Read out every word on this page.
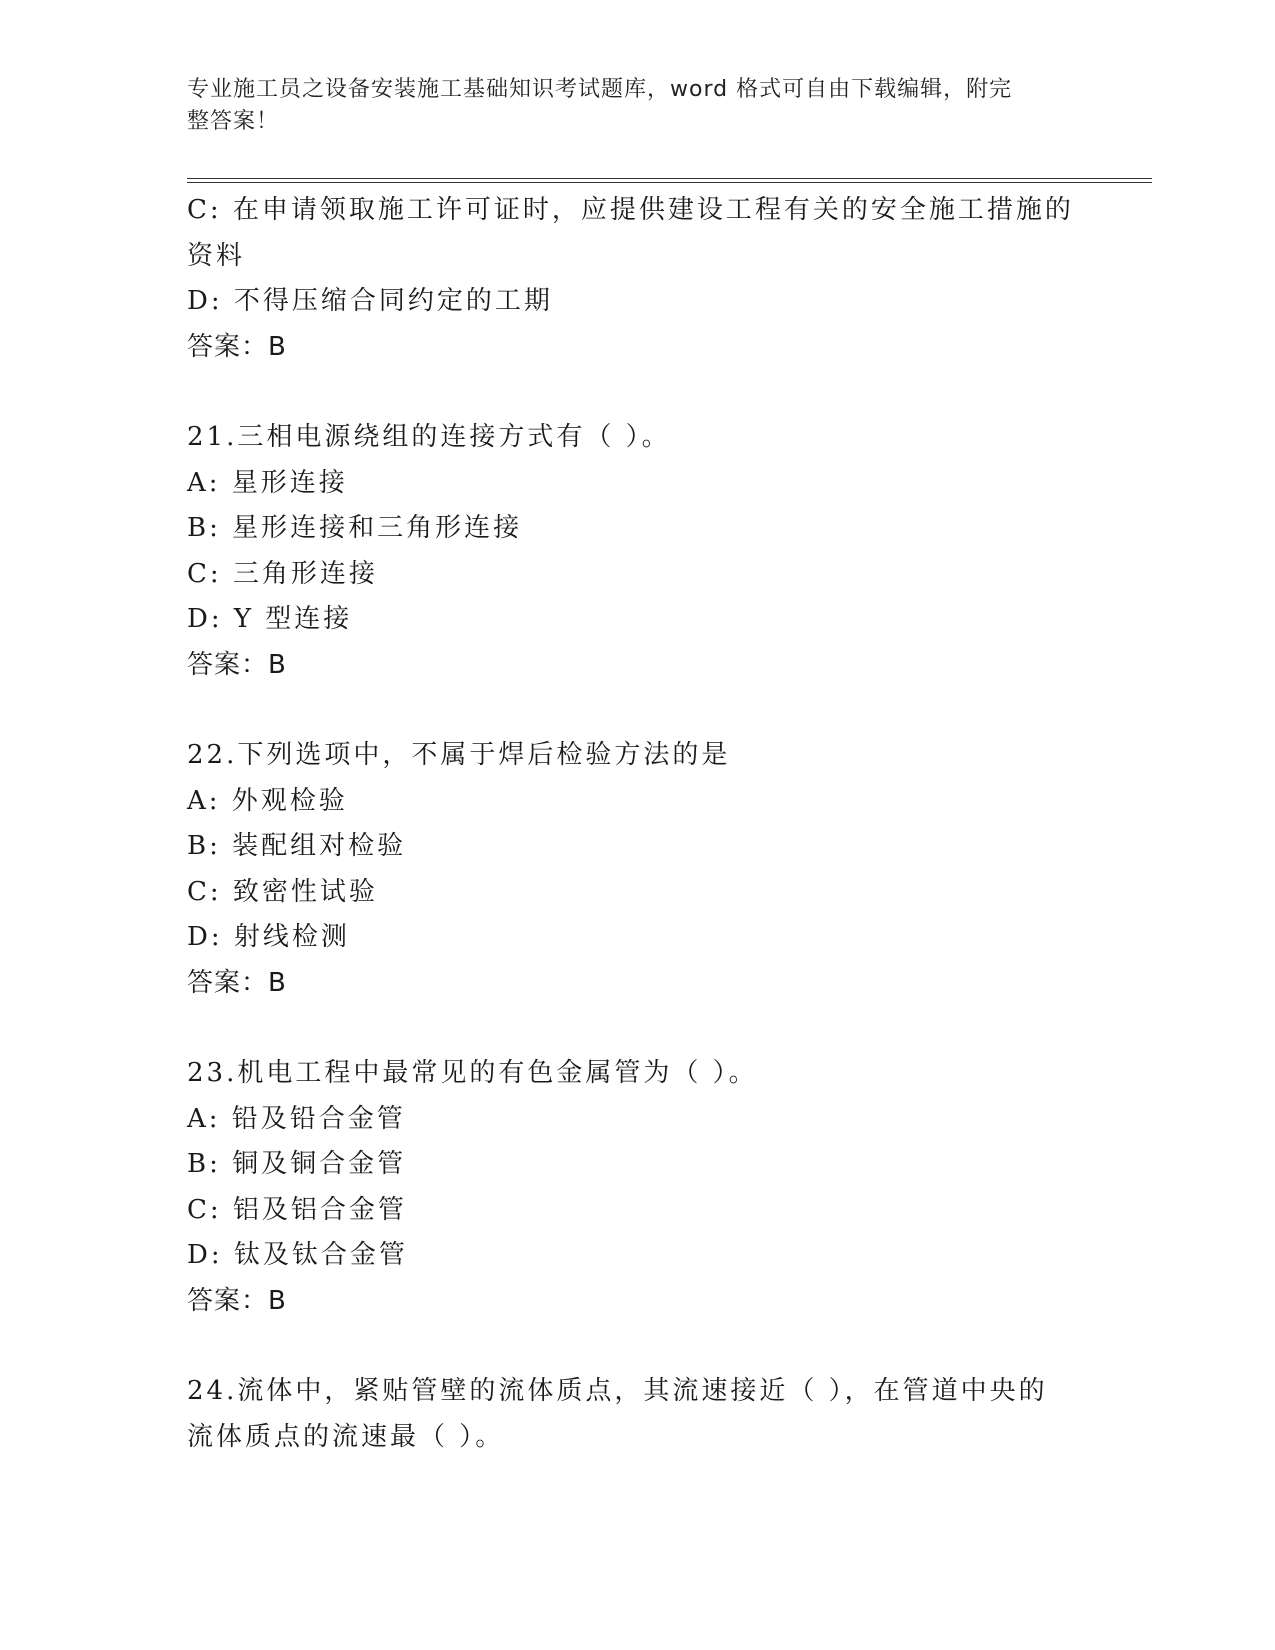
专业施工员之设备安装施工基础知识考试题库，word 格式可自由下载编辑，附完
整答案！
C: 在申请领取施工许可证时，应提供建设工程有关的安全施工措施的
资料
D: 不得压缩合同约定的工期
答案：B
21.三相电源绕组的连接方式有（ ）。
A: 星形连接
B: 星形连接和三角形连接
C: 三角形连接
D: Y 型连接
答案：B
22.下列选项中，不属于焊后检验方法的是
A: 外观检验
B: 装配组对检验
C: 致密性试验
D: 射线检测
答案：B
23.机电工程中最常见的有色金属管为（ ）。
A: 铅及铅合金管
B: 铜及铜合金管
C: 铝及铝合金管
D: 钛及钛合金管
答案：B
24.流体中，紧贴管壁的流体质点，其流速接近（ ），在管道中央的
流体质点的流速最（ ）。
